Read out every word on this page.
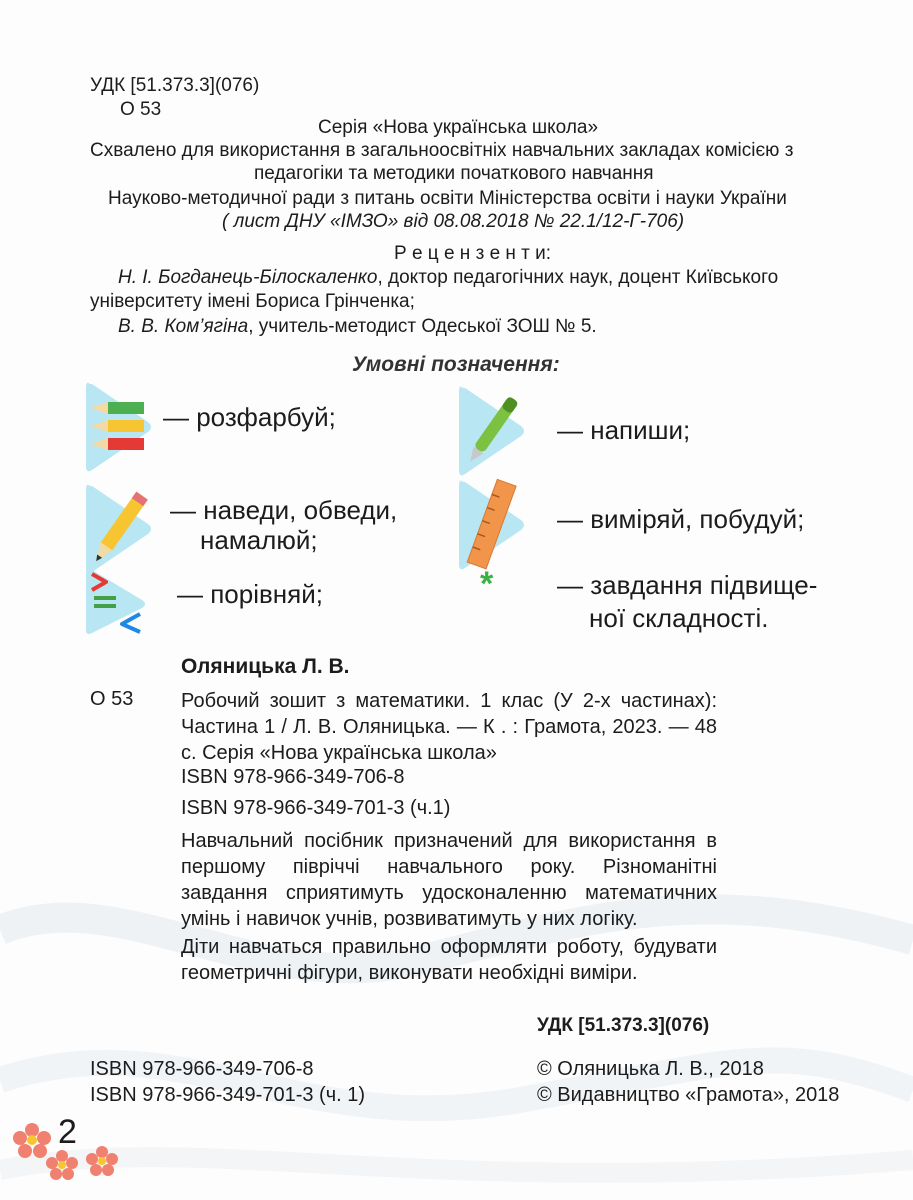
УДК [51.373.3](076)
О 53
Серія «Нова українська школа»
Схвалено для використання в загальноосвітніх навчальних закладах комісією з
педагогіки та методики початкового навчання
Науково-методичної ради з питань освіти Міністерства освіти і науки України
( лист ДНУ «ІМЗО» від 08.08.2018 № 22.1/12-Г-706)
Р е ц е н з е н т и:
Н. І. Богданець-Білоскаленко, доктор педагогічних наук, доцент Київського
університету імені Бориса Грінченка;
В. В. Ком’ягіна, учитель-методист Одеської ЗОШ № 5.
Умовні позначення:
— розфарбуй;	— напиши;
— наведи, обведи,
намалюй;
— виміряй, побудуй;
— порівняй;	* — завдання підвище-
ної складності.
Оляницька Л. В.
О 53 Робочий зошит з математики. 1 клас (У 2-х частинах): Частина 1 / Л. В. Оляницька. — К . : Грамота, 2023. — 48 с. Серія «Нова українська школа»
ISBN 978-966-349-706-8
ISBN 978-966-349-701-3 (ч.1)
Навчальний посібник призначений для використання в першому півріччі навчального року. Різноманітні завдання сприятимуть удосконаленню математичних умінь і навичок учнів, розвиватимуть у них логіку.
Діти навчаться правильно оформляти роботу, будувати геометричні фігури, виконувати необхідні виміри.
УДК [51.373.3](076)
ISBN 978-966-349-706-8
ISBN 978-966-349-701-3 (ч. 1)
© Оляницька Л. В., 2018
© Видавництво «Грамота», 2018
2
